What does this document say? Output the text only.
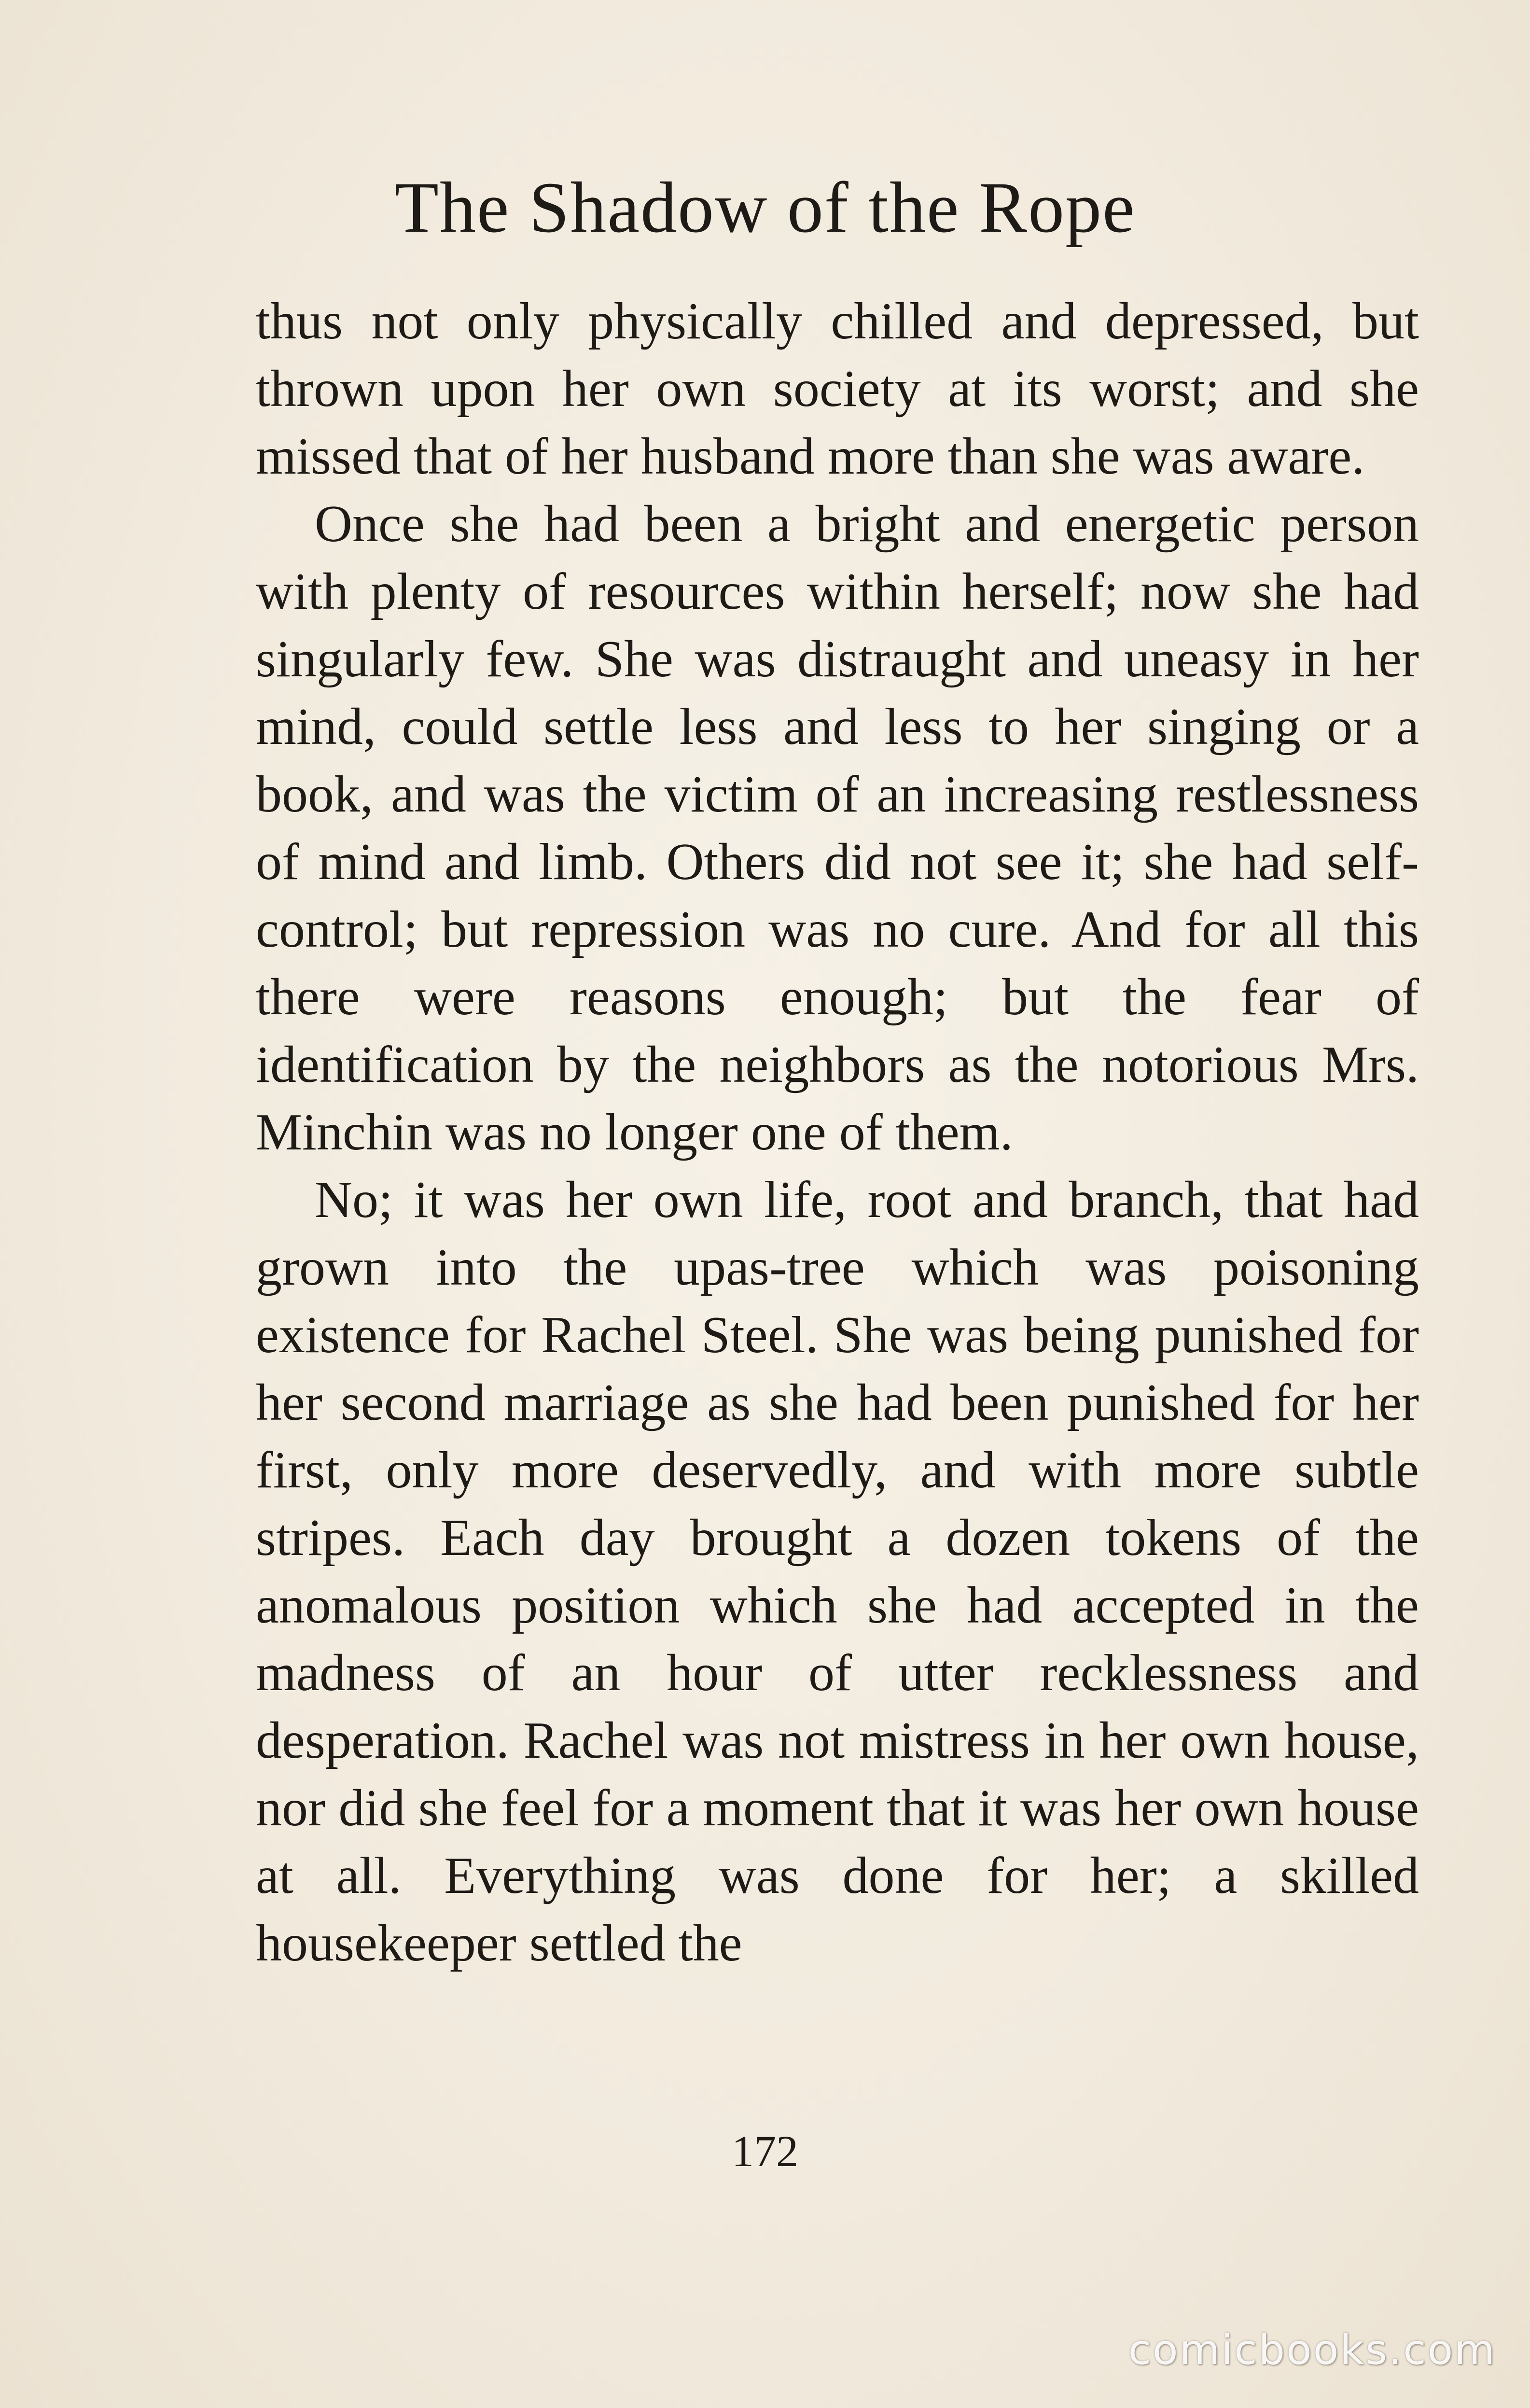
The Shadow of the Rope

thus not only physically chilled and depressed, but thrown upon her own society at its worst; and she missed that of her husband more than she was aware.

Once she had been a bright and energetic person with plenty of resources within herself; now she had singularly few. She was distraught and uneasy in her mind, could settle less and less to her singing or a book, and was the victim of an increasing restlessness of mind and limb. Others did not see it; she had self-control; but repression was no cure. And for all this there were reasons enough; but the fear of identification by the neighbors as the notorious Mrs. Minchin was no longer one of them.

No; it was her own life, root and branch, that had grown into the upas-tree which was poisoning existence for Rachel Steel. She was being punished for her second marriage as she had been punished for her first, only more deservedly, and with more subtle stripes. Each day brought a dozen tokens of the anomalous position which she had accepted in the madness of an hour of utter recklessness and desperation. Rachel was not mistress in her own house, nor did she feel for a moment that it was her own house at all. Everything was done for her; a skilled housekeeper settled the

172
comicbooks.com
